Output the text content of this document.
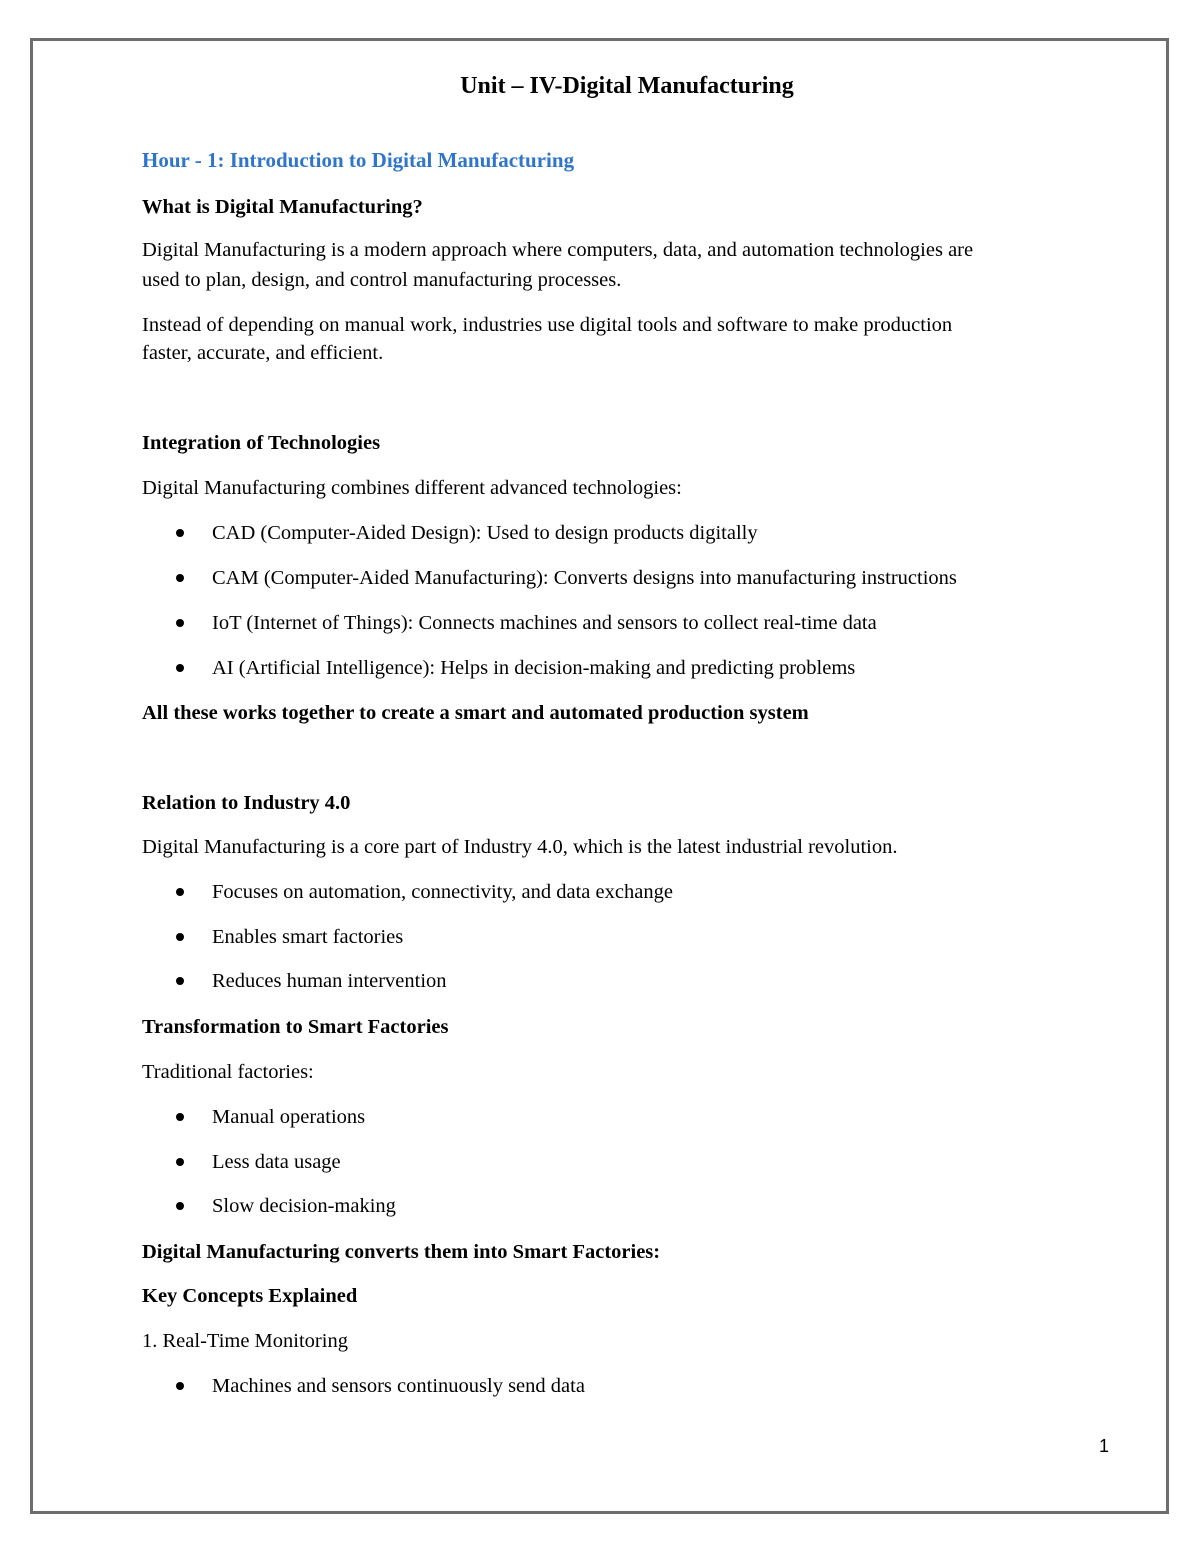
Unit – IV-Digital Manufacturing
Hour - 1: Introduction to Digital Manufacturing

What is Digital Manufacturing?

Digital Manufacturing is a modern approach where computers, data, and automation technologies are

used to plan, design, and control manufacturing processes.

Instead of depending on manual work, industries use digital tools and software to make production

faster, accurate, and efficient.

Integration of Technologies

Digital Manufacturing combines different advanced technologies:

CAD (Computer-Aided Design): Used to design products digitally

CAM (Computer-Aided Manufacturing): Converts designs into manufacturing instructions

IoT (Internet of Things): Connects machines and sensors to collect real-time data

AI (Artificial Intelligence): Helps in decision-making and predicting problems

All these works together to create a smart and automated production system

Relation to Industry 4.0

Digital Manufacturing is a core part of Industry 4.0, which is the latest industrial revolution.

Focuses on automation, connectivity, and data exchange

Enables smart factories

Reduces human intervention

Transformation to Smart Factories

Traditional factories:

Manual operations

Less data usage

Slow decision-making

Digital Manufacturing converts them into Smart Factories:

Key Concepts Explained

1. Real-Time Monitoring

Machines and sensors continuously send data

1
